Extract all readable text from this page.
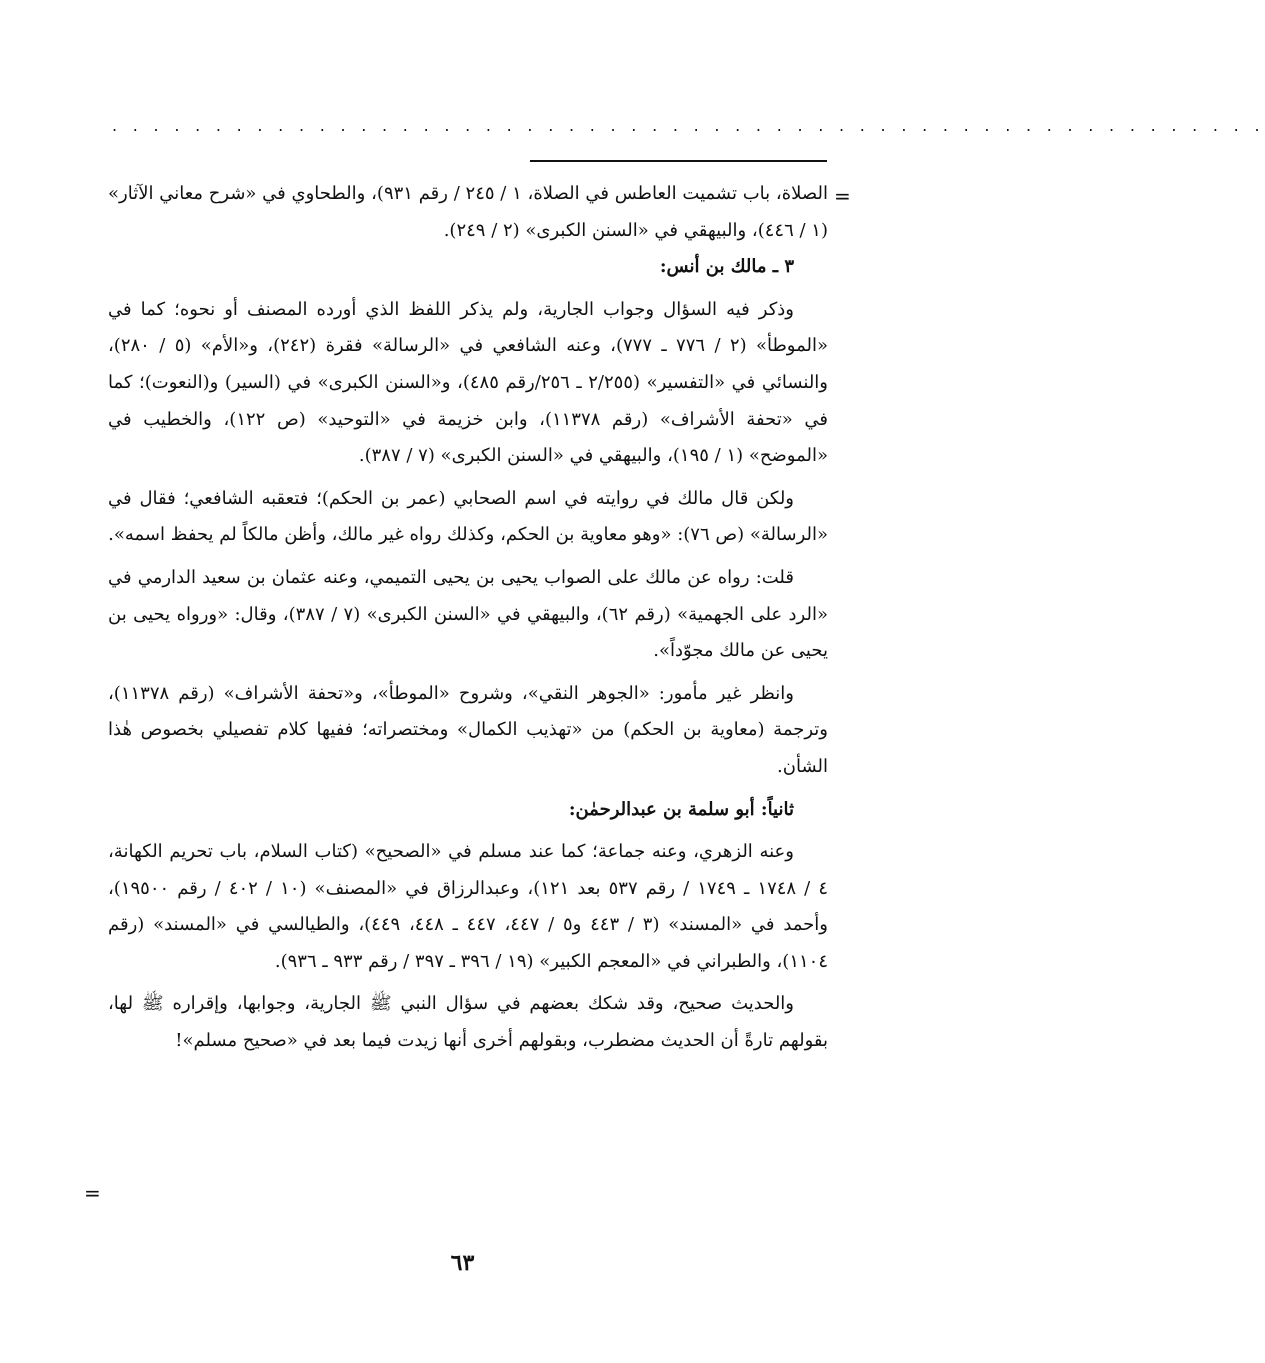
. . . . . . . . . . . . . . . . . . . . . . . . . . . . . . . . . . . . . . . . . . . . . . . . . . . . . . . .
=

الصلاة، باب تشميت العاطس في الصلاة، ١ / ٢٤٥ / رقم ٩٣١)، والطحاوي في «شرح معاني الآثار» (١ / ٤٤٦)، والبيهقي في «السنن الكبرى» (٢ / ٢٤٩).

٣ ـ مالك بن أنس:

وذكر فيه السؤال وجواب الجارية، ولم يذكر اللفظ الذي أورده المصنف أو نحوه؛ كما في «الموطأ» (٢ / ٧٧٦ ـ ٧٧٧)، وعنه الشافعي في «الرسالة» فقرة (٢٤٢)، و«الأم» (٥ / ٢٨٠)، والنسائي في «التفسير» (٢/٢٥٥ ـ ٢٥٦/رقم ٤٨٥)، و«السنن الكبرى» في (السير) و(النعوت)؛ كما في «تحفة الأشراف» (رقم ١١٣٧٨)، وابن خزيمة في «التوحيد» (ص ١٢٢)، والخطيب في «الموضح» (١ / ١٩٥)، والبيهقي في «السنن الكبرى» (٧ / ٣٨٧).

ولكن قال مالك في روايته في اسم الصحابي (عمر بن الحكم)؛ فتعقبه الشافعي؛ فقال في «الرسالة» (ص ٧٦): «وهو معاوية بن الحكم، وكذلك رواه غير مالك، وأظن مالكاً لم يحفظ اسمه».

قلت: رواه عن مالك على الصواب يحيى بن يحيى التميمي، وعنه عثمان بن سعيد الدارمي في «الرد على الجهمية» (رقم ٦٢)، والبيهقي في «السنن الكبرى» (٧ / ٣٨٧)، وقال: «ورواه يحيى بن يحيى عن مالك مجوّداً».

وانظر غير مأمور: «الجوهر النقي»، وشروح «الموطأ»، و«تحفة الأشراف» (رقم ١١٣٧٨)، وترجمة (معاوية بن الحكم) من «تهذيب الكمال» ومختصراته؛ ففيها كلام تفصيلي بخصوص هٰذا الشأن.

ثانياً: أبو سلمة بن عبدالرحمٰن:

وعنه الزهري، وعنه جماعة؛ كما عند مسلم في «الصحيح» (كتاب السلام، باب تحريم الكهانة، ٤ / ١٧٤٨ ـ ١٧٤٩ / رقم ٥٣٧ بعد ١٢١)، وعبدالرزاق في «المصنف» (١٠ / ٤٠٢ / رقم ١٩٥٠٠)، وأحمد في «المسند» (٣ / ٤٤٣ و٥ / ٤٤٧، ٤٤٧ ـ ٤٤٨، ٤٤٩)، والطيالسي في «المسند» (رقم ١١٠٤)، والطبراني في «المعجم الكبير» (١٩ / ٣٩٦ ـ ٣٩٧ / رقم ٩٣٣ ـ ٩٣٦).

والحديث صحيح، وقد شكك بعضهم في سؤال النبي ﷺ الجارية، وجوابها، وإقراره ﷺ لها، بقولهم تارةً أن الحديث مضطرب، وبقولهم أخرى أنها زيدت فيما بعد في «صحيح مسلم»!

=
٦٣
